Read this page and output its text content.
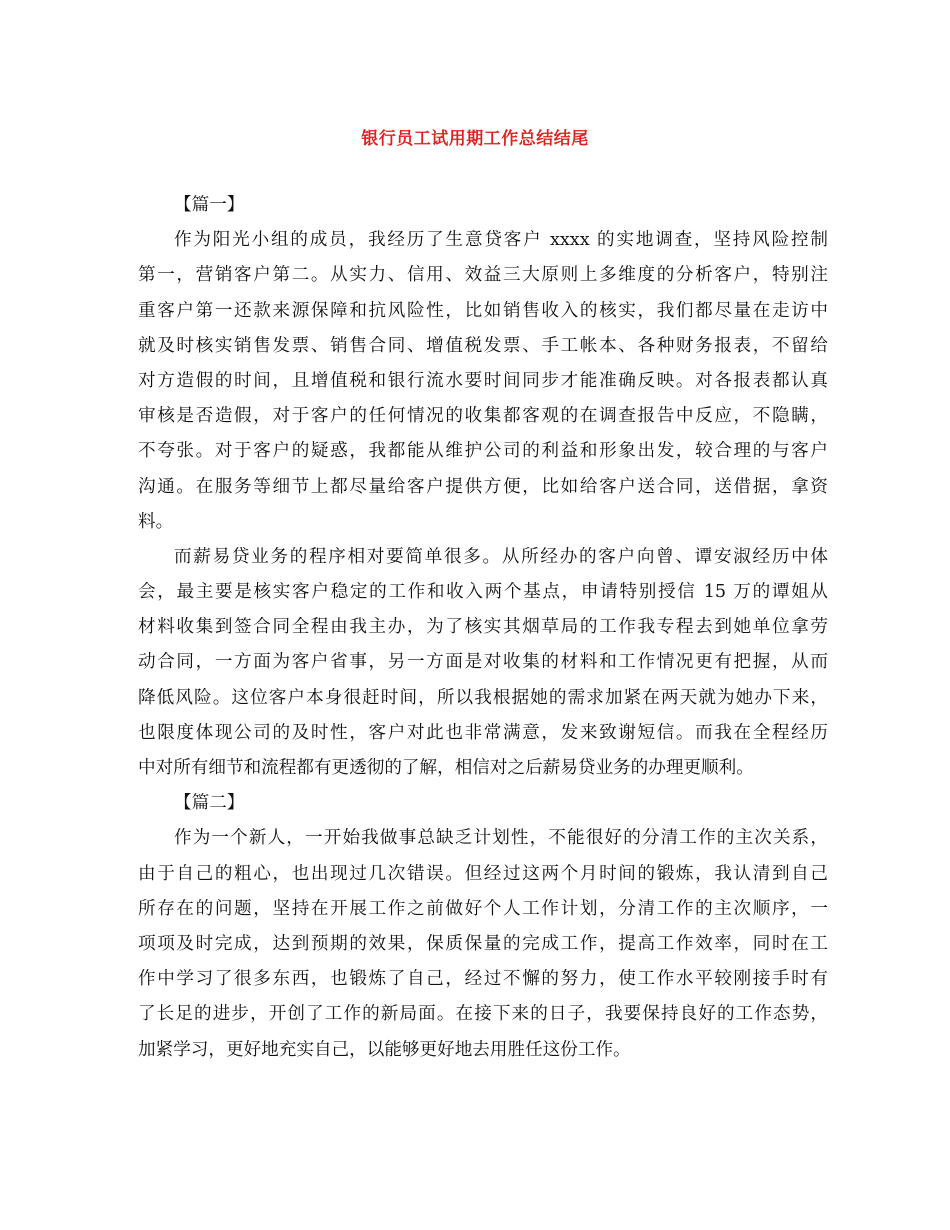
银行员工试用期工作总结结尾
【篇一】
作为阳光小组的成员，我经历了生意贷客户 xxxx 的实地调查，坚持风险控制
第一，营销客户第二。从实力、信用、效益三大原则上多维度的分析客户，特别注
重客户第一还款来源保障和抗风险性，比如销售收入的核实，我们都尽量在走访中
就及时核实销售发票、销售合同、增值税发票、手工帐本、各种财务报表，不留给
对方造假的时间，且增值税和银行流水要时间同步才能准确反映。对各报表都认真
审核是否造假，对于客户的任何情况的收集都客观的在调查报告中反应，不隐瞒，
不夸张。对于客户的疑惑，我都能从维护公司的利益和形象出发，较合理的与客户
沟通。在服务等细节上都尽量给客户提供方便，比如给客户送合同，送借据，拿资
料。
而薪易贷业务的程序相对要简单很多。从所经办的客户向曾、谭安淑经历中体
会，最主要是核实客户稳定的工作和收入两个基点，申请特别授信 15 万的谭姐从
材料收集到签合同全程由我主办，为了核实其烟草局的工作我专程去到她单位拿劳
动合同，一方面为客户省事，另一方面是对收集的材料和工作情况更有把握，从而
降低风险。这位客户本身很赶时间，所以我根据她的需求加紧在两天就为她办下来，
也限度体现公司的及时性，客户对此也非常满意，发来致谢短信。而我在全程经历
中对所有细节和流程都有更透彻的了解，相信对之后薪易贷业务的办理更顺利。
【篇二】
作为一个新人，一开始我做事总缺乏计划性，不能很好的分清工作的主次关系，
由于自己的粗心，也出现过几次错误。但经过这两个月时间的锻炼，我认清到自己
所存在的问题，坚持在开展工作之前做好个人工作计划，分清工作的主次顺序，一
项项及时完成，达到预期的效果，保质保量的完成工作，提高工作效率，同时在工
作中学习了很多东西，也锻炼了自己，经过不懈的努力，使工作水平较刚接手时有
了长足的进步，开创了工作的新局面。在接下来的日子，我要保持良好的工作态势，
加紧学习，更好地充实自己，以能够更好地去用胜任这份工作。
